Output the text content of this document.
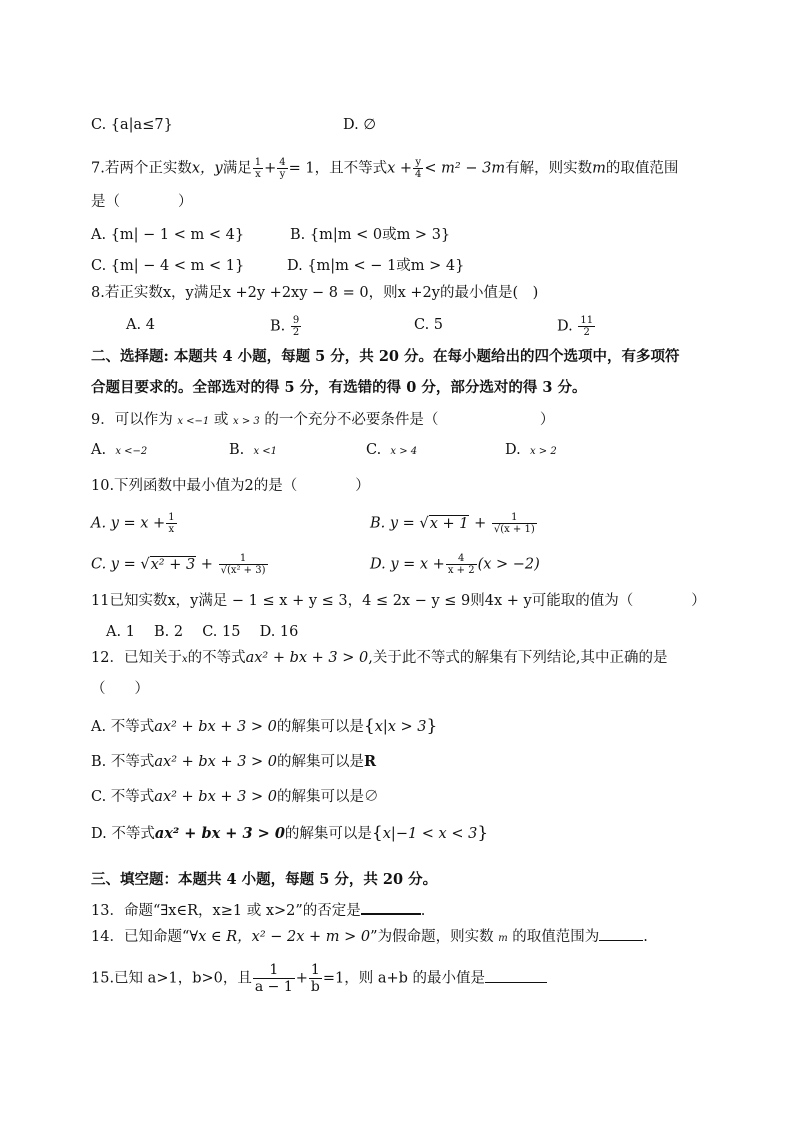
C. {a|a≤7}	D. ∅
7.若两个正实数x，y满足 $\frac{1}{x} + \frac{4}{y} = 1$，且不等式$x + \frac{y}{4} < m^2 - 3m$有解，则实数m的取值范围
是（　　　　）
A. {m| − 1 < m < 4}	B. {m|m < 0或m > 3}
C. {m| − 4 < m < 1}	D. {m|m < − 1或m > 4}
8.若正实数x，y满足x +2y +2xy − 8 = 0，则x +2y的最小值是(　)
A. 4	B. $\frac{9}{2}$	C. 5	D. $\frac{11}{2}$
二、选择题: 本题共 4 小题，每题 5 分，共 20 分。在每小题给出的四个选项中，有多项符
合题目要求的。全部选对的得 5 分，有选错的得 0 分，部分选对的得 3 分。
9．可以作为 x <−1 或 x > 3 的一个充分不必要条件是（　　　　　　　）
A. x <−2	B. x <1	C. x > 4	D. x > 2
10.下列函数中最小值为2的是（　　　　）
A. $y = x + \frac{1}{x}$	B. $y = √x + 1 + \frac{1}{√(x + 1)}$
C. $y = √x^2 + 3 + \frac{1}{\text{√(x² + 3)}}$	D. $y = x + \frac{4}{x + 2} (x > -2)$
11已知实数x，y满足 − 1 ≤ x + y ≤ 3，4 ≤ 2x − y ≤ 9则4x + y可能取的值为（　　　　）
A. 1　 B. 2　 C. 15　 D. 16
12．已知关于x的不等式ax² + bx + 3 > 0,关于此不等式的解集有下列结论,其中正确的是
（　　）
A. 不等式ax² + bx + 3 > 0的解集可以是{x|x > 3}
B. 不等式ax² + bx + 3 > 0的解集可以是R
C. 不等式ax² + bx + 3 > 0的解集可以是∅
D. 不等式ax² + bx + 3 > 0的解集可以是{x|−1 < x < 3}
三、填空题：本题共 4 小题，每题 5 分，共 20 分。
13．命题“∃x∈R，x≥1 或 x>2”的否定是	.
14．已知命题“∀x ∈ R，x² − 2x + m > 0”为假命题，则实数 m 的取值范围为	.
15.已知 a>1，b>0，且 $\frac{1}{a - 1} + \frac{1}{b} =1$，则 a+b 的最小值是
